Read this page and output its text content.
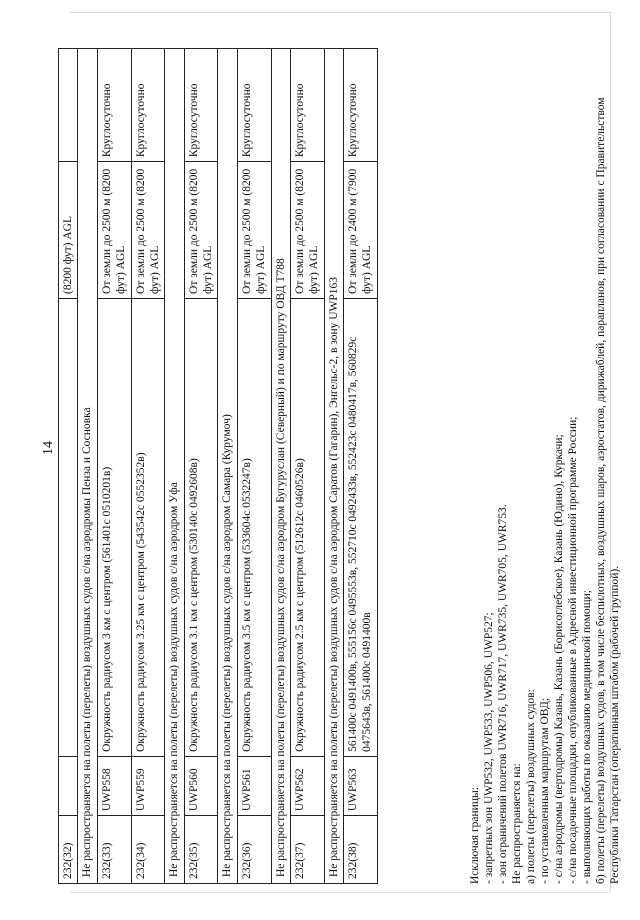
14
232(32)			(8200 фут) AGL	
Не распространяется на полеты (перелеты) воздушных судов с/на аэродромы Пенза и Сосновка				
232(33)	UWP558	Окружность радиусом 3 км с центром (561401с 0510201в)	От земли до 2500 м (8200 фут) AGL	Круглосуточно
232(34)	UWP559	Окружность радиусом 3.25 км с центром (543542с 0552352в)	От земли до 2500 м (8200 фут) AGL	Круглосуточно
Не распространяется на полеты (перелеты) воздушных судов с/на аэродром Уфа				
232(35)	UWP560	Окружность радиусом 3.1 км с центром (530140с 0492608в)	От земли до 2500 м (8200 фут) AGL	Круглосуточно
Не распространяется на полеты (перелеты) воздушных судов с/на аэродром Самара (Курумоч)				
232(36)	UWP561	Окружность радиусом 3.5 км с центром (533604с 0532247в)	От земли до 2500 м (8200 фут) AGL	Круглосуточно
Не распространяется на полеты (перелеты) воздушных судов с/на аэродром Бугуруслан (Северный) и по маршруту ОВД Т788				
232(37)	UWP562	Окружность радиусом 2.5 км с центром (512612с 0460526в)	От земли до 2500 м (8200 фут) AGL	Круглосуточно
Не распространяется на полеты (перелеты) воздушных судов с/на аэродром Саратов (Гагарин), Энгельс-2, в зону UWP163				
232(38)	UWP563	561400с 0491400в, 555156с 0495553в, 552710с 0492433в, 552423с 0480417в, 560829с 0475643в, 561400с 0491400в	От земли до 2400 м (7900 фут) AGL	Круглосуточно
Исключая границы: - запретных зон UWP532, UWP533, UWP506, UWP527; - зон ограничений полетов UWR716, UWR717, UWR735, UWR705, UWR753. Не распространяется на: а) полеты (перелеты) воздушных судов: - по установленным маршрутам ОВД; - с/на аэродромы (вертодромы) Казань, Казань (Борисоглебское), Казань (Юдино), Куркачи; - с/на посадочные площадки, опубликованные в Адресной инвестиционной программе России; - выполняющих работы по оказанию медицинской помощи; б) полеты (перелеты) воздушных судов, в том числе беспилотных, воздушных шаров, аэростатов, дирижаблей, парапланов, при согласовании с Правительством Республики Татарстан (оперативным штабом (рабочей группой).
